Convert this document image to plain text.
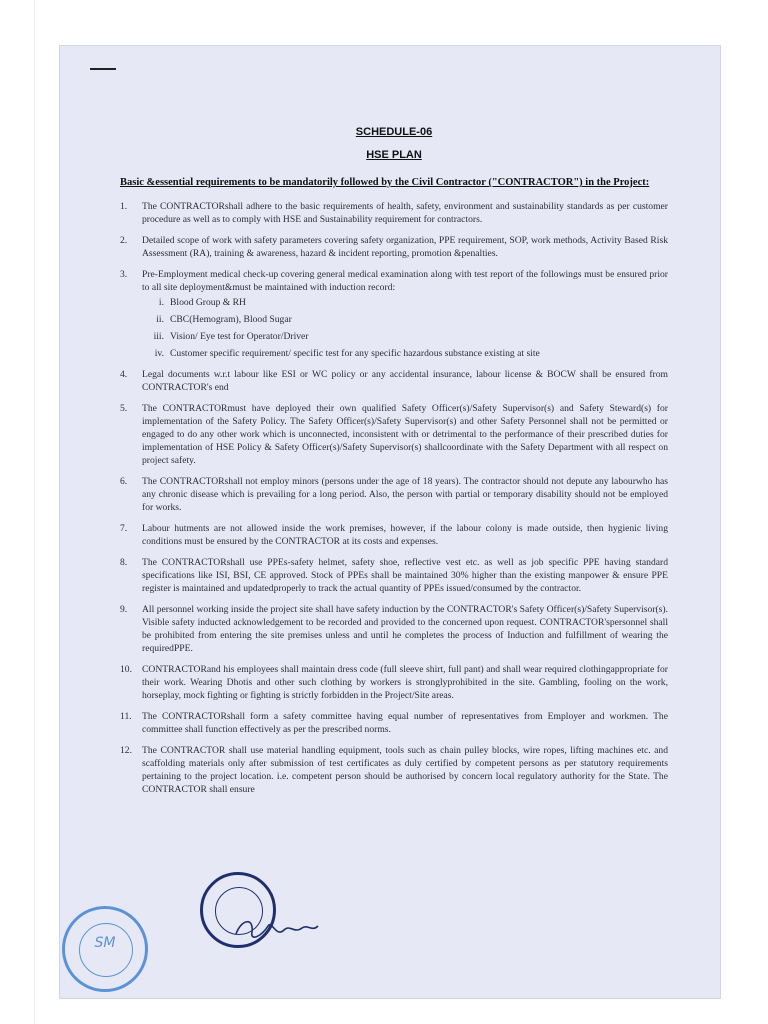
SCHEDULE-06
HSE PLAN
Basic &essential requirements to be mandatorily followed by the Civil Contractor ("CONTRACTOR") in the Project:
1.	The CONTRACTORshall adhere to the basic requirements of health, safety, environment and sustainability standards as per customer procedure as well as to comply with HSE and Sustainability requirement for contractors.
2.	Detailed scope of work with safety parameters covering safety organization, PPE requirement, SOP, work methods, Activity Based Risk Assessment (RA), training & awareness, hazard & incident reporting, promotion &penalties.
3.	Pre-Employment medical check-up covering general medical examination along with test report of the followings must be ensured prior to all site deployment&must be maintained with induction record:
i. Blood Group & RH
ii. CBC(Hemogram), Blood Sugar
iii. Vision/ Eye test for Operator/Driver
iv. Customer specific requirement/ specific test for any specific hazardous substance existing at site
4.	Legal documents w.r.t labour like ESI or WC policy or any accidental insurance, labour license & BOCW shall be ensured from CONTRACTOR's end
5.	The CONTRACTORmust have deployed their own qualified Safety Officer(s)/Safety Supervisor(s) and Safety Steward(s) for implementation of the Safety Policy. The Safety Officer(s)/Safety Supervisor(s) and other Safety Personnel shall not be permitted or engaged to do any other work which is unconnected, inconsistent with or detrimental to the performance of their prescribed duties for implementation of HSE Policy & Safety Officer(s)/Safety Supervisor(s) shallcoordinate with the Safety Department with all respect on project safety.
6.	The CONTRACTORshall not employ minors (persons under the age of 18 years). The contractor should not depute any labourwho has any chronic disease which is prevailing for a long period. Also, the person with partial or temporary disability should not be employed for works.
7.	Labour hutments are not allowed inside the work premises, however, if the labour colony is made outside, then hygienic living conditions must be ensured by the CONTRACTOR at its costs and expenses.
8.	The CONTRACTORshall use PPEs-safety helmet, safety shoe, reflective vest etc. as well as job specific PPE having standard specifications like ISI, BSI, CE approved. Stock of PPEs shall be maintained 30% higher than the existing manpower & ensure PPE register is maintained and updatedproperly to track the actual quantity of PPEs issued/consumed by the contractor.
9.	All personnel working inside the project site shall have safety induction by the CONTRACTOR's Safety Officer(s)/Safety Supervisor(s). Visible safety inducted acknowledgement to be recorded and provided to the concerned upon request. CONTRACTOR'spersonnel shall be prohibited from entering the site premises unless and until he completes the process of Induction and fulfillment of wearing the requiredPPE.
10.	CONTRACTORand his employees shall maintain dress code (full sleeve shirt, full pant) and shall wear required clothingappropriate for their work. Wearing Dhotis and other such clothing by workers is stronglyprohibited in the site. Gambling, fooling on the work, horseplay, mock fighting or fighting is strictly forbidden in the Project/Site areas.
11.	The CONTRACTORshall form a safety committee having equal number of representatives from Employer and workmen. The committee shall function effectively as per the prescribed norms.
12.	The CONTRACTOR shall use material handling equipment, tools such as chain pulley blocks, wire ropes, lifting machines etc. and scaffolding materials only after submission of test certificates as duly certified by competent persons as per statutory requirements pertaining to the project location. i.e. competent person should be authorised by concern local regulatory authority for the State. The CONTRACTOR shall ensure
SM
